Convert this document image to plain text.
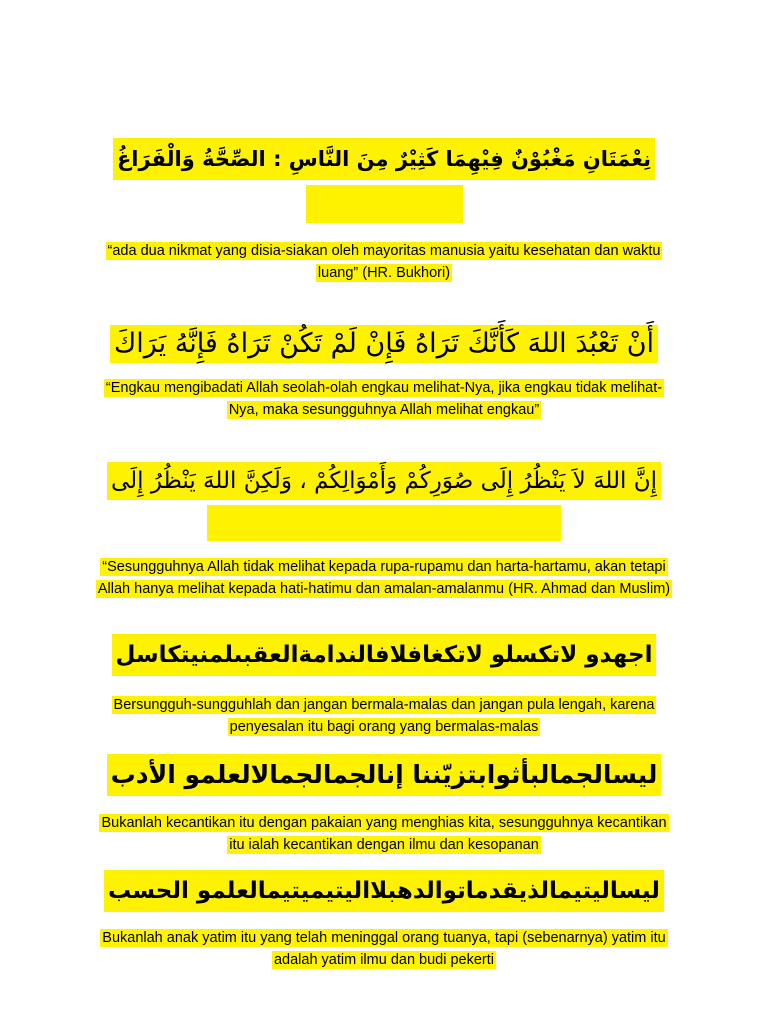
نِعْمَتَانِ مَغْبُوْنٌ فِيْهِمَا كَثِيْرٌ مِنَ النَّاسِ : الصِّحَّةُ وَالْفَرَاغُ
“ada dua nikmat yang disia-siakan oleh mayoritas manusia yaitu kesehatan dan waktu luang” (HR. Bukhori)
أَنْ تَعْبُدَ اللهَ كَأَنَّكَ تَرَاهُ فَإِنْ لَمْ تَكُنْ تَرَاهُ فَإِنَّهُ يَرَاكَ
“Engkau mengibadati Allah seolah-olah engkau melihat-Nya, jika engkau tidak melihat-Nya, maka sesungguhnya Allah melihat engkau”
إِنَّ اللهَ لاَ يَنْظُرُ إِلَى صُوَرِكُمْ وَأَمْوَالِكُمْ ، وَلَكِنَّ اللهَ يَنْظُرُ إِلَى
“Sesungguhnya Allah tidak melihat kepada rupa-rupamu dan harta-hartamu, akan tetapi Allah hanya melihat kepada hati-hatimu dan amalan-amalanmu (HR. Ahmad dan Muslim)
اجهدو لاتكسلو لاتكغافلافالندامةالعقبىلمنيتكاسل
Bersungguh-sungguhlah dan jangan bermala-malas dan jangan pula lengah, karena penyesalan itu bagi orang yang bermalas-malas
ليسالجمالبأثوابتزيّننا إنالجمالجمالالعلمو الأدب
Bukanlah kecantikan itu dengan pakaian yang menghias kita, sesungguhnya kecantikan itu ialah kecantikan dengan ilmu dan kesopanan
ليساليتيمالذيقدماتوالدهبلااليتيميتيمالعلمو الحسب
Bukanlah anak yatim itu yang telah meninggal orang tuanya, tapi (sebenarnya) yatim itu adalah yatim ilmu dan budi pekerti
